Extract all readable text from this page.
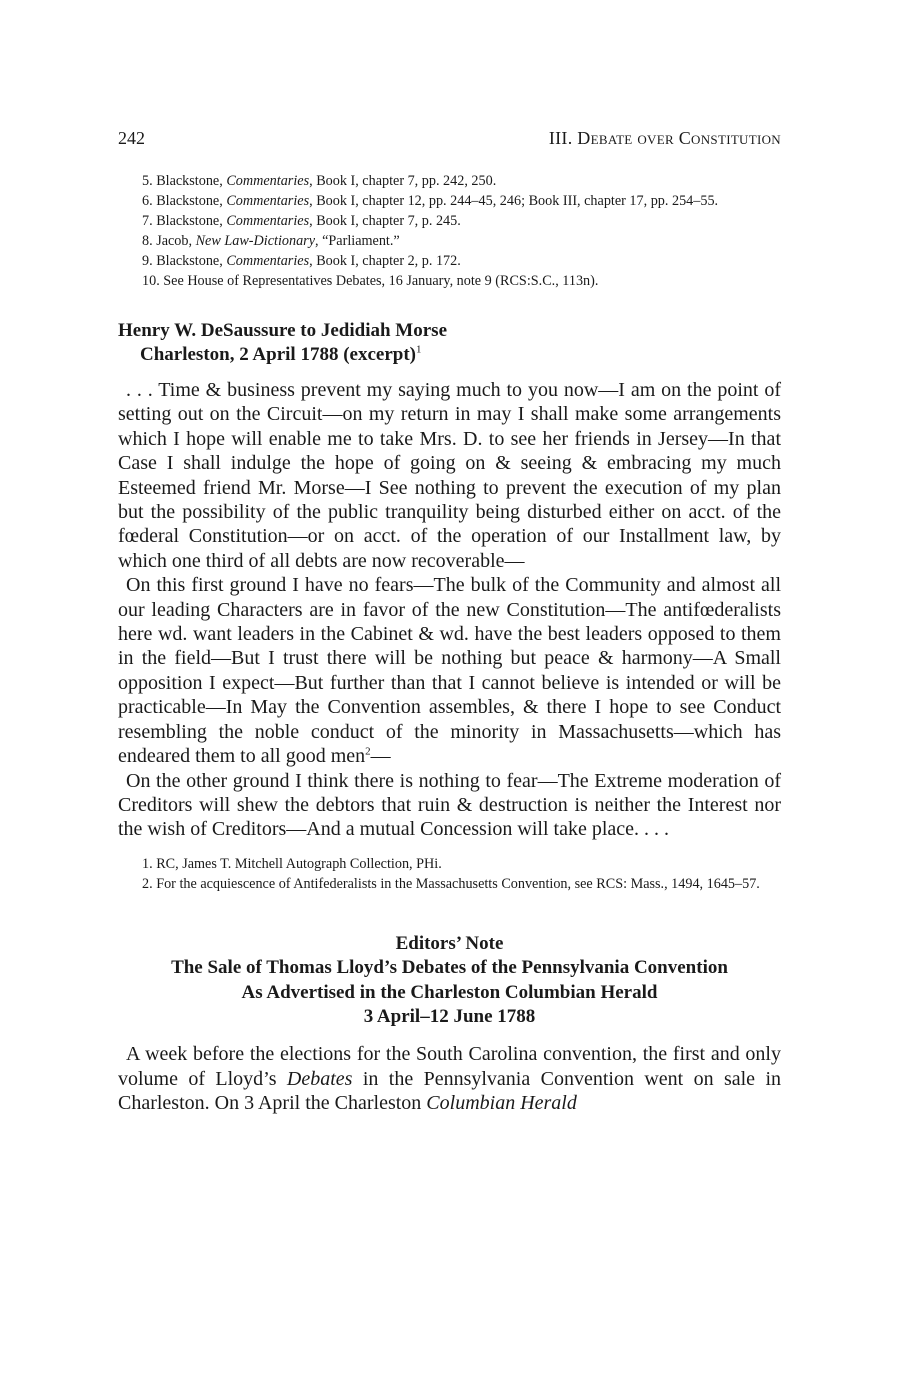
242	III. Debate over Constitution

5. Blackstone, Commentaries, Book I, chapter 7, pp. 242, 250.

6. Blackstone, Commentaries, Book I, chapter 12, pp. 244–45, 246; Book III, chapter 17, pp. 254–55.

7. Blackstone, Commentaries, Book I, chapter 7, p. 245.

8. Jacob, New Law-Dictionary, “Parliament.”

9. Blackstone, Commentaries, Book I, chapter 2, p. 172.

10. See House of Representatives Debates, 16 January, note 9 (RCS:S.C., 113n).

Henry W. DeSaussure to Jedidiah Morse
Charleston, 2 April 1788 (excerpt)$^1$

. . . Time & business prevent my saying much to you now—I am on the point of setting out on the Circuit—on my return in may I shall make some arrangements which I hope will enable me to take Mrs. D. to see her friends in Jersey—In that Case I shall indulge the hope of going on & seeing & embracing my much Esteemed friend Mr. Morse—I See nothing to prevent the execution of my plan but the possibility of the public tranquility being disturbed either on acct. of the fœderal Constitution—or on acct. of the operation of our Installment law, by which one third of all debts are now recoverable—

On this first ground I have no fears—The bulk of the Community and almost all our leading Characters are in favor of the new Constitution—The antifœderalists here wd. want leaders in the Cabinet & wd. have the best leaders opposed to them in the field—But I trust there will be nothing but peace & harmony—A Small opposition I expect—But further than that I cannot believe is intended or will be practicable—In May the Convention assembles, & there I hope to see Conduct resembling the noble conduct of the minority in Massachusetts—which has endeared them to all good men$^2$—

On the other ground I think there is nothing to fear—The Extreme moderation of Creditors will shew the debtors that ruin & destruction is neither the Interest nor the wish of Creditors—And a mutual Concession will take place. . . .

1. RC, James T. Mitchell Autograph Collection, PHi.

2. For the acquiescence of Antifederalists in the Massachusetts Convention, see RCS: Mass., 1494, 1645–57.

Editors’ Note
The Sale of Thomas Lloyd’s Debates of the Pennsylvania Convention
As Advertised in the Charleston Columbian Herald
3 April–12 June 1788

A week before the elections for the South Carolina convention, the first and only volume of Lloyd’s Debates in the Pennsylvania Convention went on sale in Charleston. On 3 April the Charleston Columbian Herald
